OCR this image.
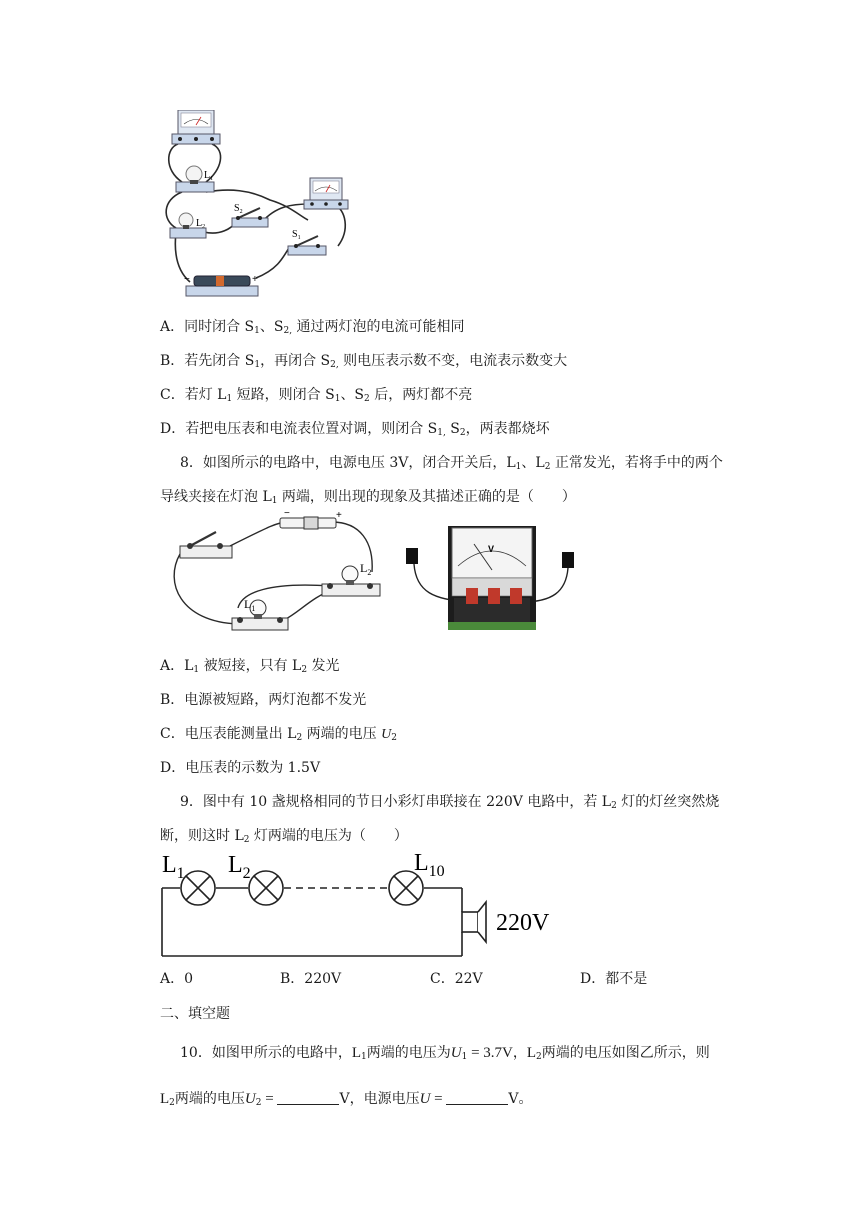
$L_1$
$L_2$
$S_2$
$S_1$
−	+
A．同时闭合 $S_1$、$S_{2,}$ 通过两灯泡的电流可能相同
B．若先闭合 $S_1$，再闭合 $S_{2,}$ 则电压表示数不变，电流表示数变大
C．若灯 $L_1$ 短路，则闭合 $S_1$、$S_2$ 后，两灯都不亮
D．若把电压表和电流表位置对调，则闭合 $S_{1,}$ $S_2$，两表都烧坏
8．如图所示的电路中，电源电压 3V，闭合开关后，$L_1$、$L_2$ 正常发光，若将手中的两个
导线夹接在灯泡 $L_1$ 两端，则出现的现象及其描述正确的是（　　）
−	+
$L_2$
$L_1$
V
A．$L_1$ 被短接，只有 $L_2$ 发光
B．电源被短路，两灯泡都不发光
C．电压表能测量出 $L_2$ 两端的电压 $U_2$
D．电压表的示数为 1.5V
9．图中有 10 盏规格相同的节日小彩灯串联接在 220V 电路中，若 $L_2$ 灯的灯丝突然烧
断，则这时 $L_2$ 灯两端的电压为（　　）
220V
$L_1$ $L_2$	$L_{10}$
A．0	B．220V	C．22V	D．都不是
二、填空题
10．如图甲所示的电路中，$L_1$两端的电压为$U_1 = 3.7V$，$L_2$两端的电压如图乙所示，则
$L_2$两端的电压$U_2$ =	V，电源电压U =	V。
